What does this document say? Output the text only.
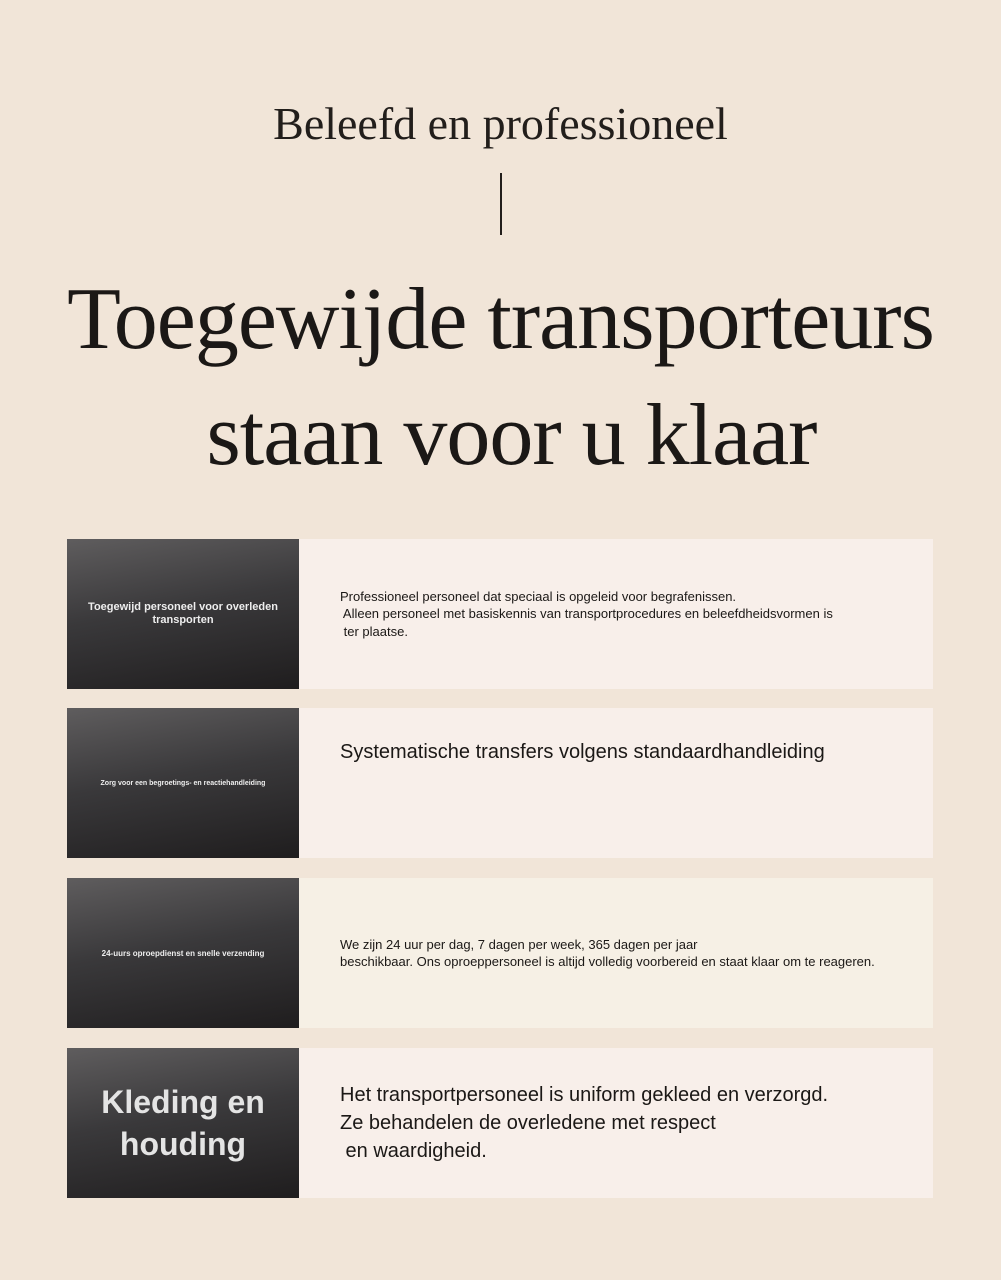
Beleefd en professioneel
Toegewijde transporteurs
staan voor u klaar
Toegewijd personeel voor overleden transporten
Professioneel personeel dat speciaal is opgeleid voor begrafenissen.
Alleen personeel met basiskennis van transportprocedures en beleefdheidsvormen is
ter plaatse.
Zorg voor een begroetings- en reactiehandleiding
Systematische transfers volgens standaardhandleiding
24-uurs oproepdienst en snelle verzending
We zijn 24 uur per dag, 7 dagen per week, 365 dagen per jaar
beschikbaar. Ons oproeppersoneel is altijd volledig voorbereid en staat klaar om te reageren.
Kleding en houding
Het transportpersoneel is uniform gekleed en verzorgd.
Ze behandelen de overledene met respect
en waardigheid.
